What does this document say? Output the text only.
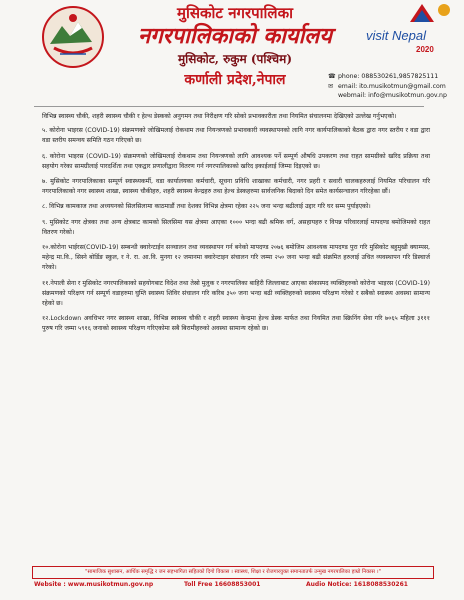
मुसिकोट नगरपालिका
नगरपालिकाको कार्यालय
मुसिकोट, रुकुम (पश्चिम)
कर्णाली प्रदेश,नेपाल
visit Nepal
2020
☎ phone: 088530261,9857825111
✉ email: ito.musikotmun@gmail.com
webmail: info@musikotmun.gov.np

विभिन्न स्वास्थ्य चौकी, शहरी स्वास्थ्य चौकी र हेल्थ डेस्कको अनुगमन तथा निरीक्षण गरि सोको प्रभावकारीता तथा नियमित संचालनमा देखिएको उल्लेख गर्नुभएको।

५. कोरोना भाइरस (COVID-19) संक्रमणको जोखिमलाई रोकथाम तथा नियन्त्रणको प्रभावकारी व्यवस्थापनको लागि नगर कार्यपालिकाको बैठक द्वारा नगर स्तरीय र वडा द्वारा वडा स्तरीय समन्वय समिति गठन गरिएको छ।

६. कोरोना भाइरस (COVID-19) संक्रमणको जोखिमलाई रोकथाम तथा नियन्त्रणको लागि आवश्यक पर्ने सम्पूर्ण औषधि उपकरण तथा राहत सामग्रीको खरिद प्रक्रिया तथा सहयोग गरेका सामग्रीलाई पारदर्शिता तथा एकद्वार प्रणालीद्वारा वितरण गर्न नगरपालिकाको खरिद इकाईलाई जिम्मा दिइएको छ।

७. मुसिकोट नगरपालिकाका सम्पूर्ण स्वास्थ्यकर्मी, वडा कार्यालयका कर्मचारी, सूचना प्रविधि शाखाका कर्मचारी, नगर प्रहरी र सवारी चालकहरुलाई नियमित परिचालन गरि नगरपालिकाको नगर स्वास्थ्य शाखा, स्वास्थ्य चौकीहरु, शहरी स्वास्थ्य केन्द्रहरु तथा हेल्थ डेस्कहरुमा सार्वजनिक बिदाको दिन समेत कार्यसन्चालन गरिरहेका छौं।

८. विभिन्न कामकाज तथा अध्ययनको सिलसिलामा काठमाडौं तथा देशका विभिन्न क्षेत्रमा रहेका २२५ जना भन्दा बढीलाई उद्दार गरि घर सम्म पुर्याइएको।

९. मुसिकोट नगर क्षेत्रका तथा अन्य क्षेत्रबाट कामको सिलसिमा यस क्षेत्रमा आएका १००० भन्दा बढी श्रमिक वर्ग, असहायहरु र विपन्न परिवारलाई मापदण्ड बमोजिमको राहत वितरण गरेको।

१०.कोरोना भाईरस(COVID-19) सम्बन्धी क्वारेन्टाईन सञ्चालन तथा व्यवस्थापन गर्न बनेको मापदण्ड २०७६ बमोजिम आवश्यक मापदण्ड पुरा गरि मुसिकोट बहुमुखी क्याम्पस, महेन्द्र मा.वि., सिस्ने बोर्डिङ स्कुल, र ने. रा. आ.वि. मुनगा १२ जमानमा क्वारेन्टाइन संचालन गरि जम्मा २५० जना भन्दा बढी संक्रमित हरुलाई उचित व्यवस्थापन गरि डिस्चार्ज गरेको।

११.नेपाली सेना र मुसिकोट नगरपालिकाको सहयोगबाट विदेश तथा तेस्रो मुलुक र नगरपालिका बाहिरी जिल्लाबाट आएका संकास्पद व्यक्तिहरुको कोरोना भाइरस (COVID-19) संक्रमणको परिक्षण गर्न सम्पूर्ण वडाहरुमा घुम्ति स्वास्थ्य शिविर संचालन गरि करिब ३५० जना भन्दा बढी व्यक्तिहरुको स्वास्थ्य परिक्षण गरेको र सबैको स्वास्थ्य अवस्था सामान्य रहेको छ।

१२.Lockdown अवधिभर नगर स्वास्थ्य शाखा, विभिन्न स्वास्थ्य चौकी र शहरी स्वास्थ्य केन्द्रमा हेल्थ डेस्क मार्फत तथा नियमित तथा स्क्रिनिंग सेवा गरि ७०६५ महिला ३१११ पुरुष गरि जम्मा ५९१६ जनाको स्वास्थ्य परिक्षण गरिएकोमा सबै बिरामीहरुको अवस्था सामान्य रहेको छ।

"सामाजिक सुशासन, आर्थिक समृद्धि र जन सहभागिता सहितको दिगो विकास । स्वास्थ्य, शिक्षा र रोजगारयुक्त समानतातर्फ उन्मुख नगरपालिका हाम्रो निकास ।"
Website : www.musikotmun.gov.np	Toll Free 16608853001	Audio Notice: 16180885302​61
